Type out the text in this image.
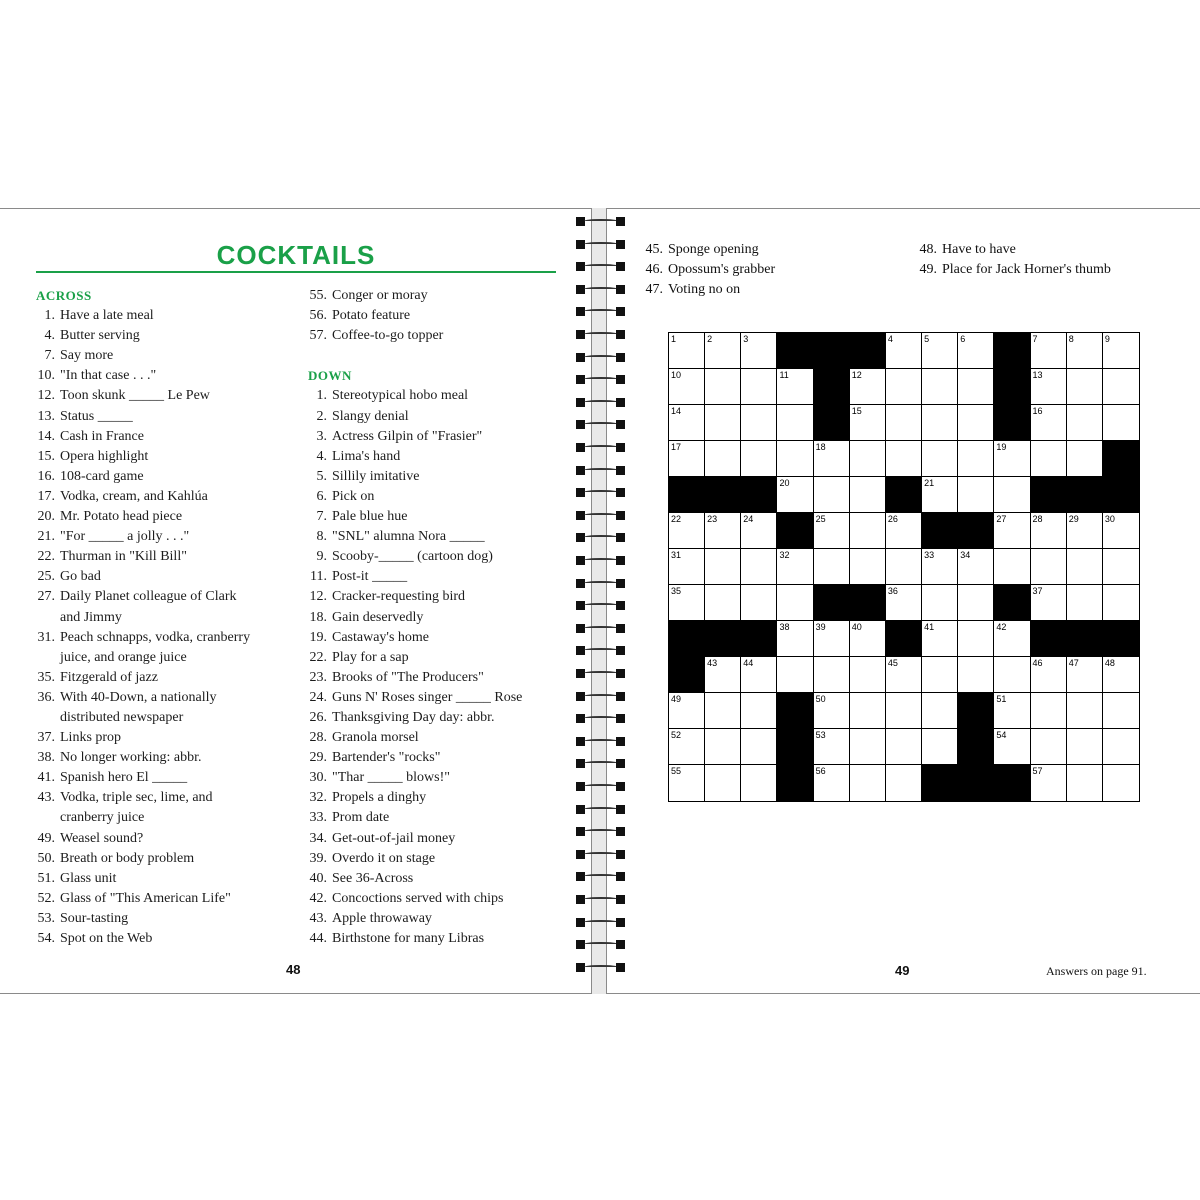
COCKTAILS
ACROSS
1. Have a late meal
4. Butter serving
7. Say more
10. "In that case . . ."
12. Toon skunk _____ Le Pew
13. Status _____
14. Cash in France
15. Opera highlight
16. 108-card game
17. Vodka, cream, and Kahlúa
20. Mr. Potato head piece
21. "For _____ a jolly . . ."
22. Thurman in "Kill Bill"
25. Go bad
27. Daily Planet colleague of Clark
and Jimmy
31. Peach schnapps, vodka, cranberry
juice, and orange juice
35. Fitzgerald of jazz
36. With 40-Down, a nationally
distributed newspaper
37. Links prop
38. No longer working: abbr.
41. Spanish hero El _____
43. Vodka, triple sec, lime, and
cranberry juice
49. Weasel sound?
50. Breath or body problem
51. Glass unit
52. Glass of "This American Life"
53. Sour-tasting
54. Spot on the Web
55. Conger or moray
56. Potato feature
57. Coffee-to-go topper
DOWN
1. Stereotypical hobo meal
2. Slangy denial
3. Actress Gilpin of "Frasier"
4. Lima's hand
5. Sillily imitative
6. Pick on
7. Pale blue hue
8. "SNL" alumna Nora _____
9. Scooby-_____ (cartoon dog)
11. Post-it _____
12. Cracker-requesting bird
18. Gain deservedly
19. Castaway's home
22. Play for a sap
23. Brooks of "The Producers"
24. Guns N' Roses singer _____ Rose
26. Thanksgiving Day day: abbr.
28. Granola morsel
29. Bartender's "rocks"
30. "Thar _____ blows!"
32. Propels a dinghy
33. Prom date
34. Get-out-of-jail money
39. Overdo it on stage
40. See 36-Across
42. Concoctions served with chips
43. Apple throwaway
44. Birthstone for many Libras
48
45. Sponge opening
46. Opossum's grabber
47. Voting no on
48. Have to have
49. Place for Jack Horner's thumb
1	2	3	4	5	6	7	8	9
10	11	12	13
14	15	16
17	18	19
20	21
22	23	24	25	26	27	28	29	30
31	32	33	34
35	36	37
38	39	40	41	42
43	44	45	46	47	48
49	50	51
52	53	54
55	56	57
49	Answers on page 91.
